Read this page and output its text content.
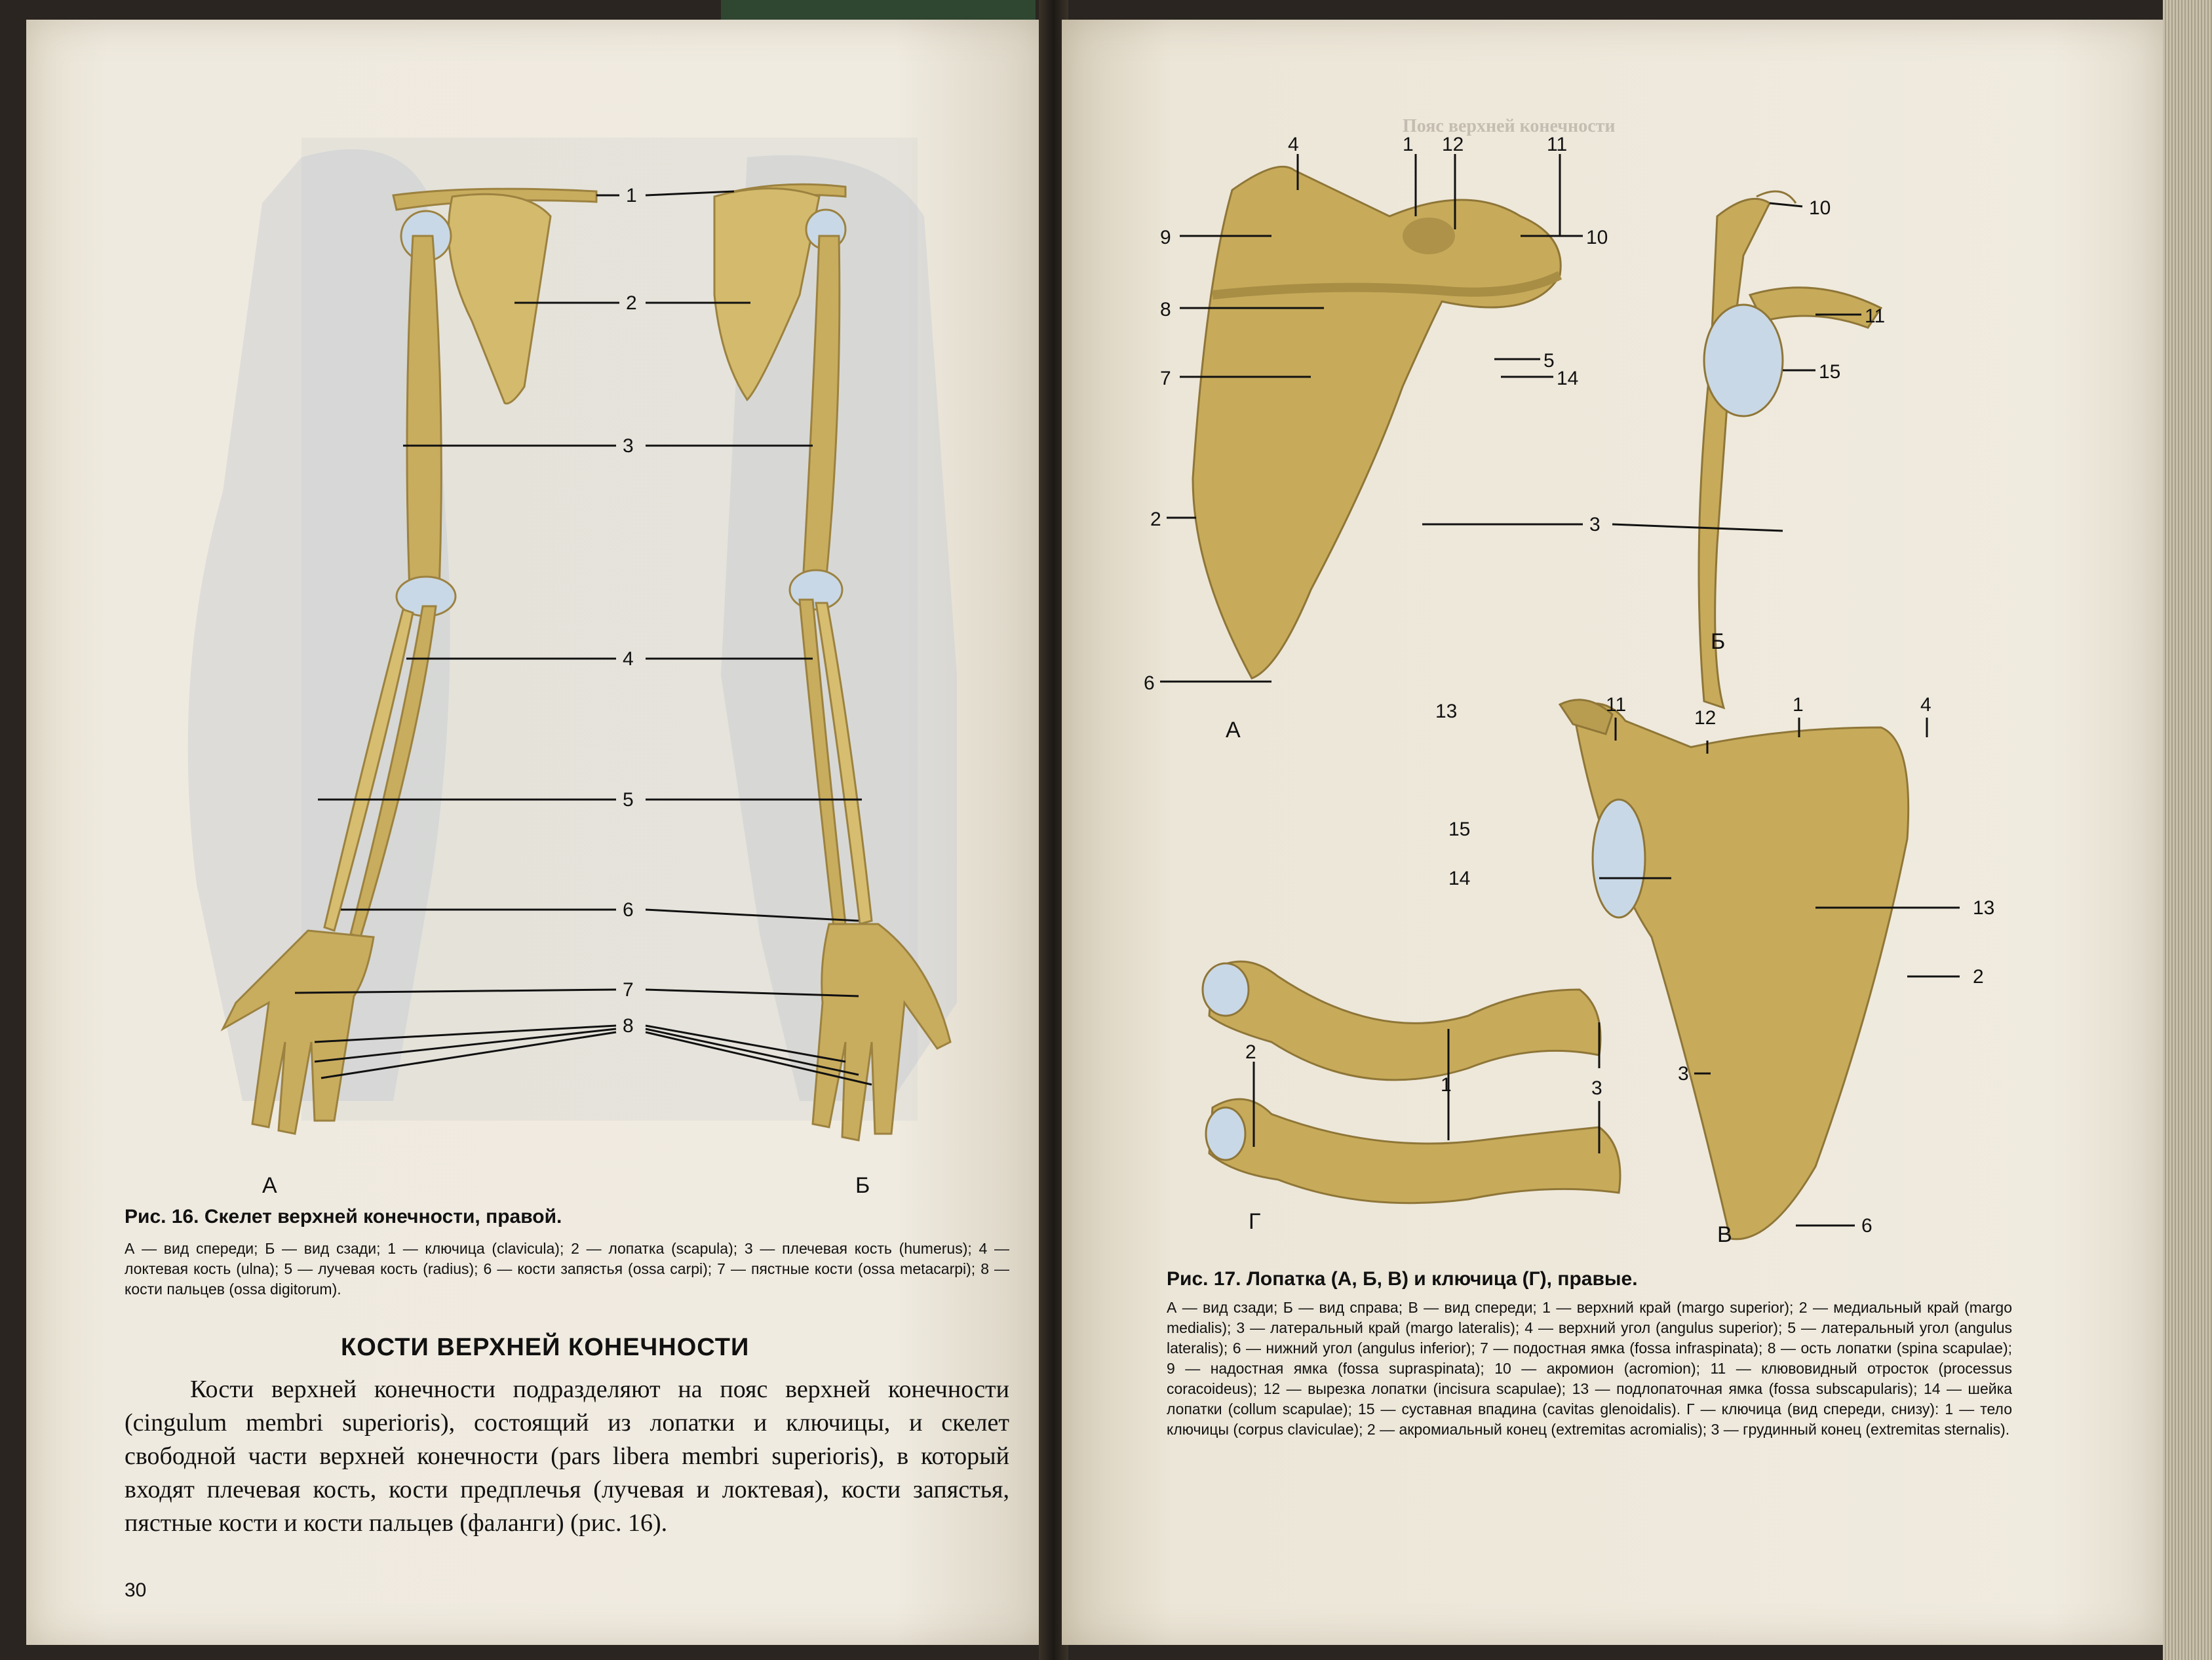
1
2
3
4
5
6
7
8
А	Б
Рис. 16. Скелет верхней конечности, правой.
А — вид спереди; Б — вид сзади; 1 — ключица (clavicula); 2 — лопатка (scapula); 3 — плечевая кость (humerus); 4 — локтевая кость (ulna); 5 — лучевая кость (radius); 6 — кости запястья (ossa carpi); 7 — пястные кости (ossa metacarpi); 8 — кости пальцев (ossa digitorum).
КОСТИ ВЕРХНЕЙ КОНЕЧНОСТИ
Кости верхней конечности подразделяют на пояс верхней конечности (cingulum membri superioris), состоящий из лопатки и ключицы, и скелет свободной части верхней конечности (pars libera membri superioris), в который входят плечевая кость, кости предплечья (лучевая и локтевая), кости запястья, пястные кости и кости пальцев (фаланги) (рис. 16).
30
Пояс верхней конечности
4	1 12	11
10
9
8
7
5
14
2	3
6
10
11
15
13	11
12
1	4
15
14
13
2
3
6
2
1	3
А
Б
В
Г
Рис. 17. Лопатка (А, Б, В) и ключица (Г), правые.
А — вид сзади; Б — вид справа; В — вид спереди; 1 — верхний край (margo superior); 2 — медиальный край (margo medialis); 3 — латеральный край (margo lateralis); 4 — верхний угол (angulus superior); 5 — латеральный угол (angulus lateralis); 6 — нижний угол (angulus inferior); 7 — подостная ямка (fossa infraspinata); 8 — ость лопатки (spina scapulae); 9 — надостная ямка (fossa supraspinata); 10 — акромион (acromion); 11 — клювовидный отросток (processus coracoideus); 12 — вырезка лопатки (incisura scapulae); 13 — подлопаточная ямка (fossa subscapularis); 14 — шейка лопатки (collum scapulae); 15 — суставная впадина (cavitas glenoidalis). Г — ключица (вид спереди, снизу): 1 — тело ключицы (corpus claviculae); 2 — акромиальный конец (extremitas acromialis); 3 — грудинный конец (extremitas sternalis).
